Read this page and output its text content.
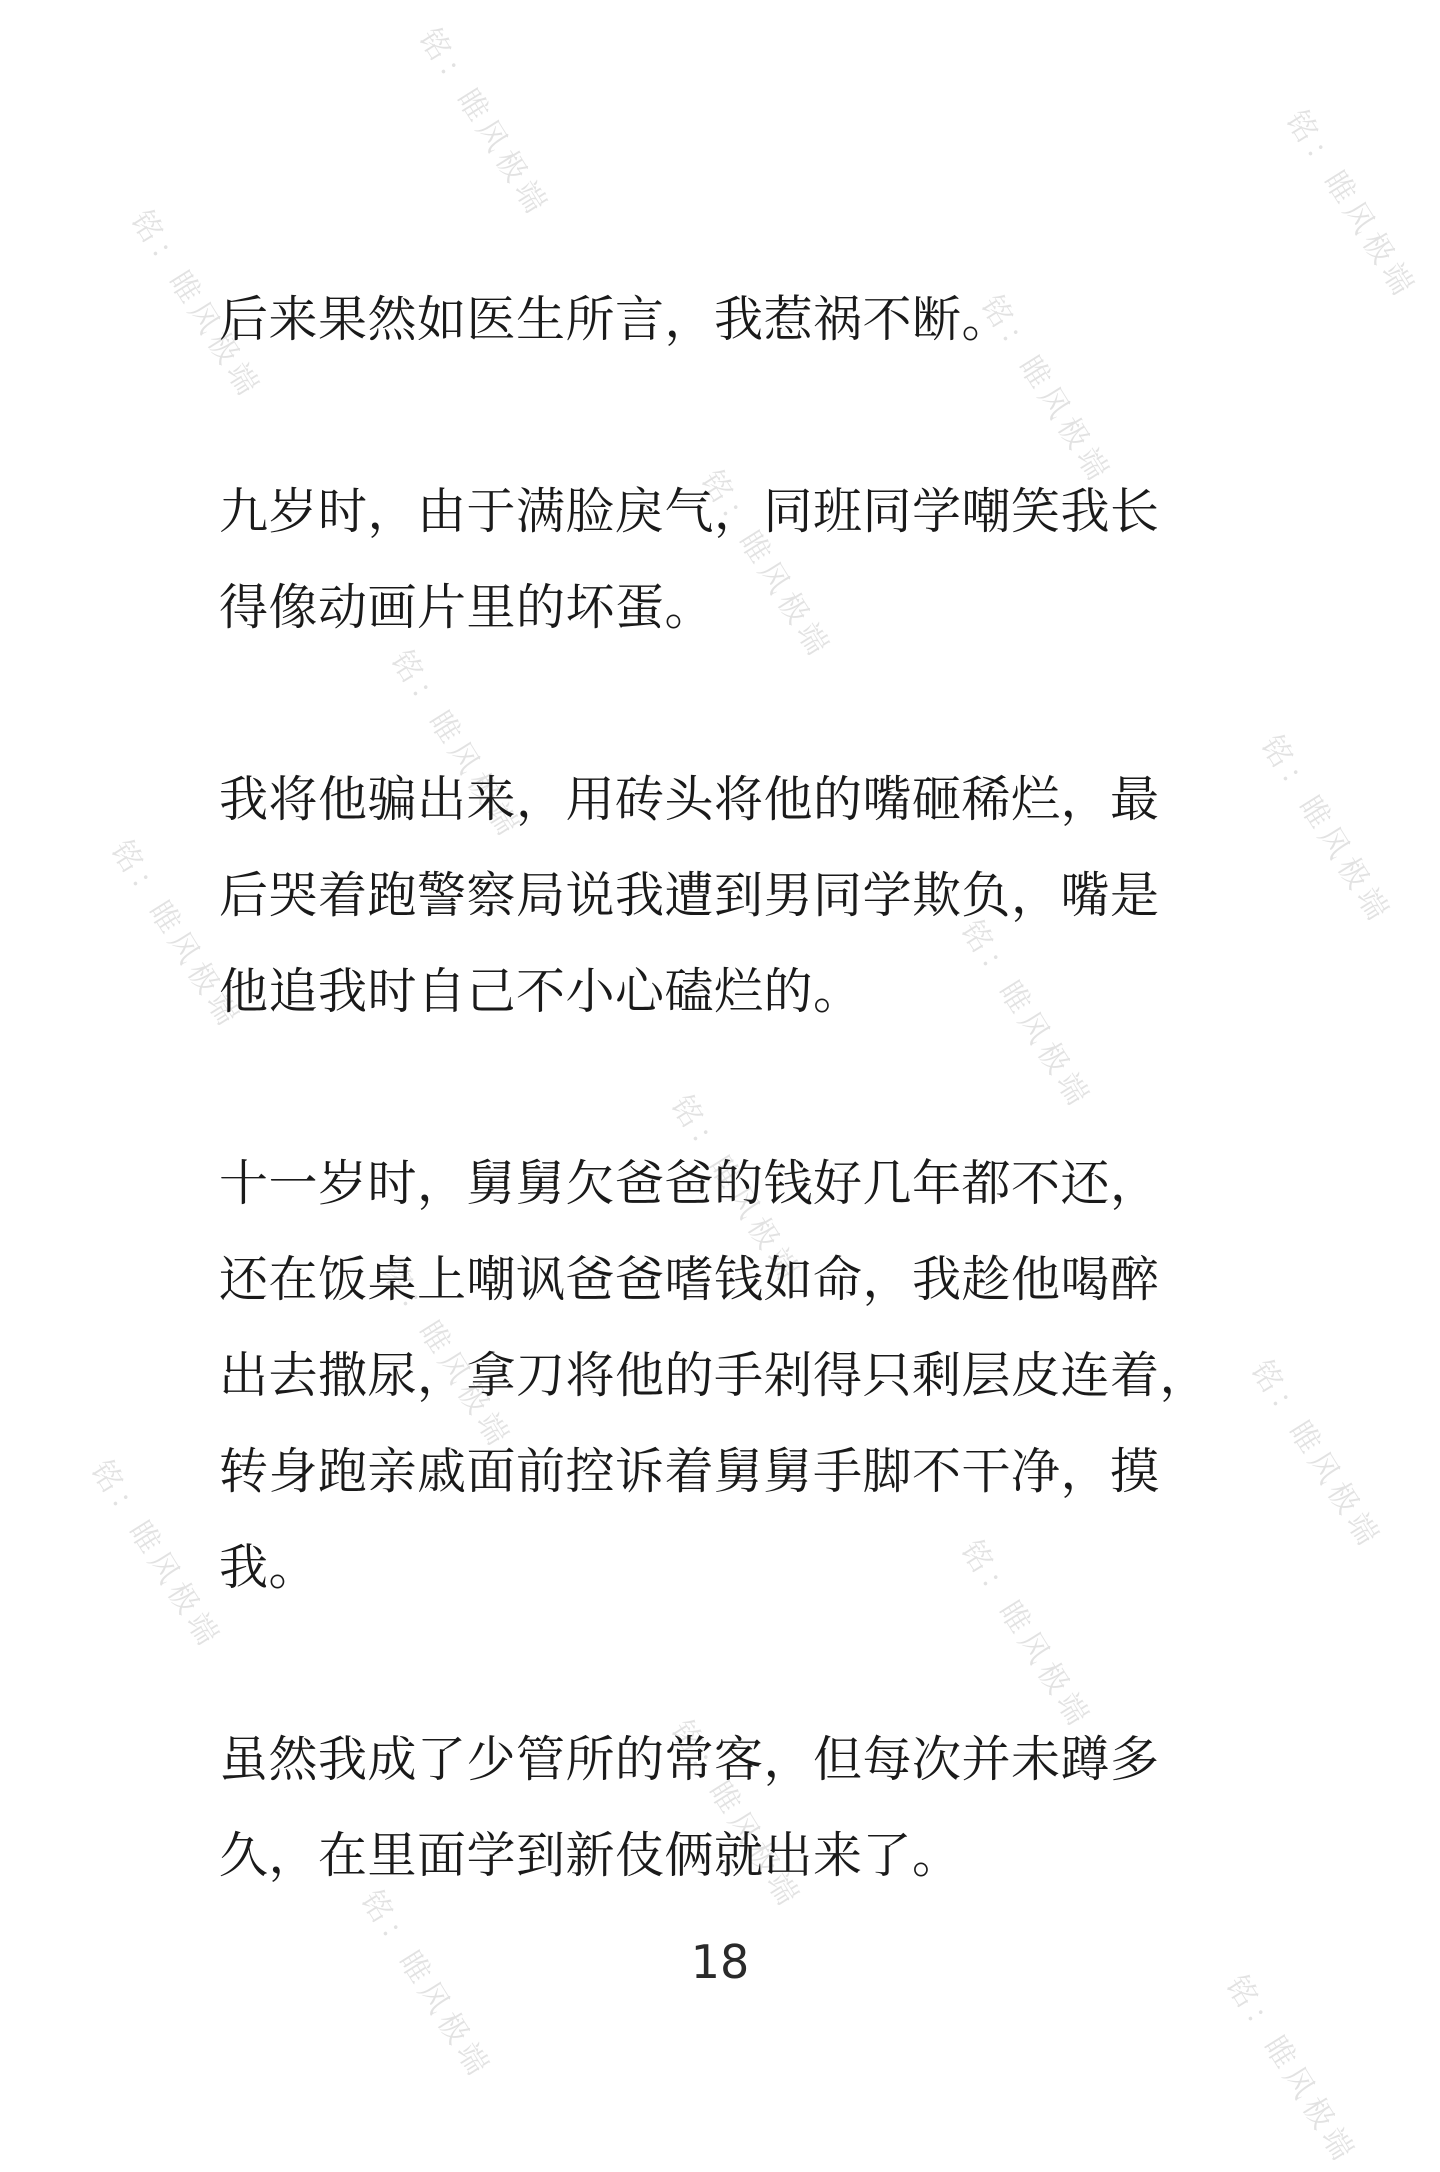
铭：睢风极端	铭：睢风极端
铭：睢风极端	铭：睢风极端
铭：睢风极端
铭：睢风极端	铭：睢风极端
铭：睢风极端	铭：睢风极端
铭：睢风极端
铭：睢风极端	铭：睢风极端
铭：睢风极端	铭：睢风极端
铭：睢风极端
铭：睢风极端	铭：睢风极端

后来果然如医生所言，我惹祸不断。

九岁时，由于满脸戾气，同班同学嘲笑我长
得像动画片里的坏蛋。

我将他骗出来，用砖头将他的嘴砸稀烂，最
后哭着跑警察局说我遭到男同学欺负，嘴是
他追我时自己不小心磕烂的。

十一岁时，舅舅欠爸爸的钱好几年都不还，
还在饭桌上嘲讽爸爸嗜钱如命，我趁他喝醉
出去撒尿，拿刀将他的手剁得只剩层皮连着，
转身跑亲戚面前控诉着舅舅手脚不干净，摸
我。

虽然我成了少管所的常客，但每次并未蹲多
久，在里面学到新伎俩就出来了。

18
